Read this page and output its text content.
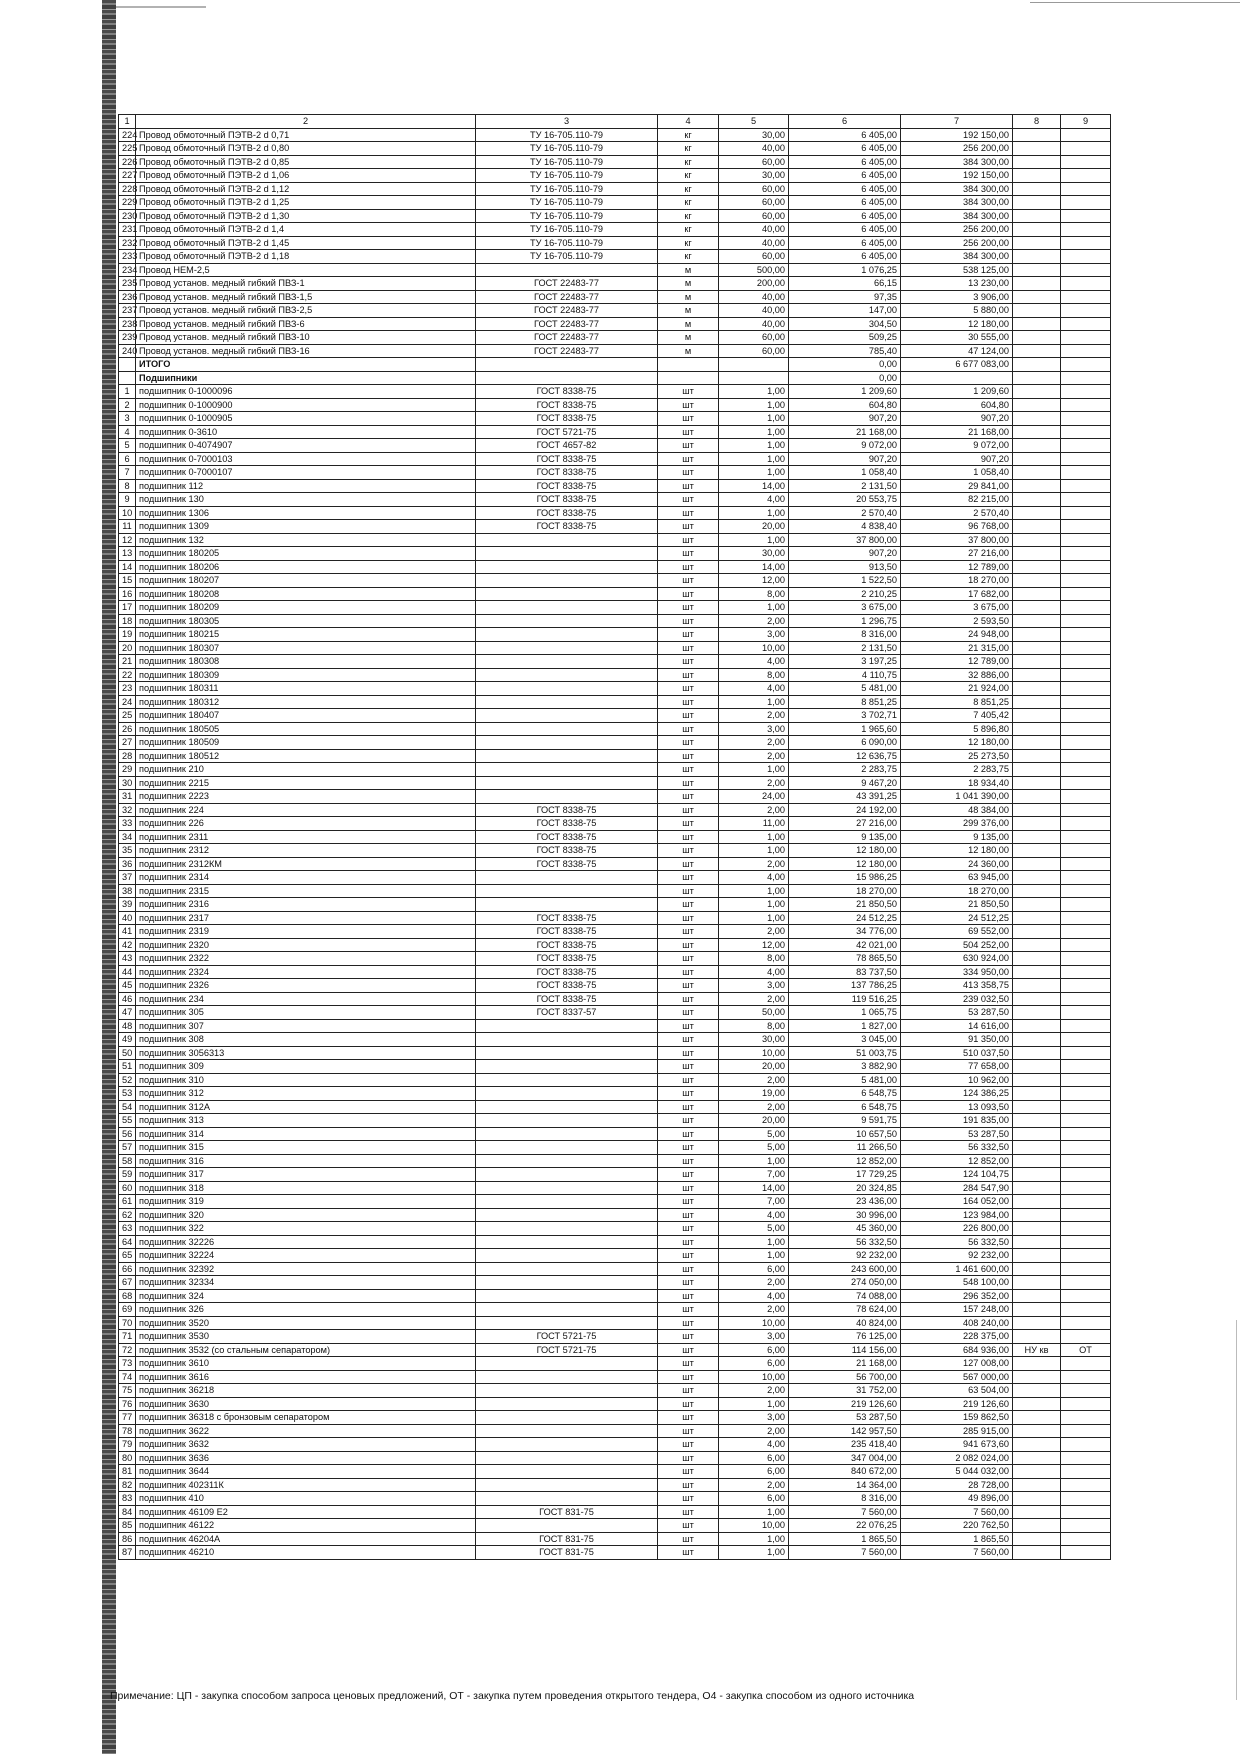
1	2	3	4	5	6	7	8	9
224	Провод обмоточный ПЭТВ-2 d 0,71	ТУ 16-705.110-79	кг	30,00	6 405,00	192 150,00		
225	Провод обмоточный ПЭТВ-2 d 0,80	ТУ 16-705.110-79	кг	40,00	6 405,00	256 200,00		
226	Провод обмоточный ПЭТВ-2 d 0,85	ТУ 16-705.110-79	кг	60,00	6 405,00	384 300,00		
227	Провод обмоточный ПЭТВ-2 d 1,06	ТУ 16-705.110-79	кг	30,00	6 405,00	192 150,00		
228	Провод обмоточный ПЭТВ-2 d 1,12	ТУ 16-705.110-79	кг	60,00	6 405,00	384 300,00		
229	Провод обмоточный ПЭТВ-2 d 1,25	ТУ 16-705.110-79	кг	60,00	6 405,00	384 300,00		
230	Провод обмоточный ПЭТВ-2 d 1,30	ТУ 16-705.110-79	кг	60,00	6 405,00	384 300,00		
231	Провод обмоточный ПЭТВ-2 d 1,4	ТУ 16-705.110-79	кг	40,00	6 405,00	256 200,00		
232	Провод обмоточный ПЭТВ-2 d 1,45	ТУ 16-705.110-79	кг	40,00	6 405,00	256 200,00		
233	Провод обмоточный ПЭТВ-2 d 1,18	ТУ 16-705.110-79	кг	60,00	6 405,00	384 300,00		
234	Провод НЕМ-2,5		м	500,00	1 076,25	538 125,00		
235	Провод установ. медный гибкий ПВЗ-1	ГОСТ 22483-77	м	200,00	66,15	13 230,00		
236	Провод установ. медный гибкий ПВЗ-1,5	ГОСТ 22483-77	м	40,00	97,35	3 906,00		
237	Провод установ. медный гибкий ПВЗ-2,5	ГОСТ 22483-77	м	40,00	147,00	5 880,00		
238	Провод установ. медный гибкий ПВЗ-6	ГОСТ 22483-77	м	40,00	304,50	12 180,00		
239	Провод установ. медный гибкий ПВЗ-10	ГОСТ 22483-77	м	60,00	509,25	30 555,00		
240	Провод установ. медный гибкий ПВЗ-16	ГОСТ 22483-77	м	60,00	785,40	47 124,00		
	ИТОГО				0,00	6 677 083,00		
	Подшипники				0,00			
1	подшипник 0-1000096	ГОСТ 8338-75	шт	1,00	1 209,60	1 209,60		
2	подшипник 0-1000900	ГОСТ 8338-75	шт	1,00	604,80	604,80		
3	подшипник 0-1000905	ГОСТ 8338-75	шт	1,00	907,20	907,20		
4	подшипник 0-3610	ГОСТ 5721-75	шт	1,00	21 168,00	21 168,00		
5	подшипник 0-4074907	ГОСТ 4657-82	шт	1,00	9 072,00	9 072,00		
6	подшипник 0-7000103	ГОСТ 8338-75	шт	1,00	907,20	907,20		
7	подшипник 0-7000107	ГОСТ 8338-75	шт	1,00	1 058,40	1 058,40		
8	подшипник 112	ГОСТ 8338-75	шт	14,00	2 131,50	29 841,00		
9	подшипник 130	ГОСТ 8338-75	шт	4,00	20 553,75	82 215,00		
10	подшипник 1306	ГОСТ 8338-75	шт	1,00	2 570,40	2 570,40		
11	подшипник 1309	ГОСТ 8338-75	шт	20,00	4 838,40	96 768,00		
12	подшипник 132		шт	1,00	37 800,00	37 800,00		
13	подшипник 180205		шт	30,00	907,20	27 216,00		
14	подшипник 180206		шт	14,00	913,50	12 789,00		
15	подшипник 180207		шт	12,00	1 522,50	18 270,00		
16	подшипник 180208		шт	8,00	2 210,25	17 682,00		
17	подшипник 180209		шт	1,00	3 675,00	3 675,00		
18	подшипник 180305		шт	2,00	1 296,75	2 593,50		
19	подшипник 180215		шт	3,00	8 316,00	24 948,00		
20	подшипник 180307		шт	10,00	2 131,50	21 315,00		
21	подшипник 180308		шт	4,00	3 197,25	12 789,00		
22	подшипник 180309		шт	8,00	4 110,75	32 886,00		
23	подшипник 180311		шт	4,00	5 481,00	21 924,00		
24	подшипник 180312		шт	1,00	8 851,25	8 851,25		
25	подшипник 180407		шт	2,00	3 702,71	7 405,42		
26	подшипник 180505		шт	3,00	1 965,60	5 896,80		
27	подшипник 180509		шт	2,00	6 090,00	12 180,00		
28	подшипник 180512		шт	2,00	12 636,75	25 273,50		
29	подшипник 210		шт	1,00	2 283,75	2 283,75		
30	подшипник 2215		шт	2,00	9 467,20	18 934,40		
31	подшипник 2223		шт	24,00	43 391,25	1 041 390,00		
32	подшипник 224	ГОСТ 8338-75	шт	2,00	24 192,00	48 384,00		
33	подшипник 226	ГОСТ 8338-75	шт	11,00	27 216,00	299 376,00		
34	подшипник 2311	ГОСТ 8338-75	шт	1,00	9 135,00	9 135,00		
35	подшипник 2312	ГОСТ 8338-75	шт	1,00	12 180,00	12 180,00		
36	подшипник 2312КМ	ГОСТ 8338-75	шт	2,00	12 180,00	24 360,00		
37	подшипник 2314		шт	4,00	15 986,25	63 945,00		
38	подшипник 2315		шт	1,00	18 270,00	18 270,00		
39	подшипник 2316		шт	1,00	21 850,50	21 850,50		
40	подшипник 2317	ГОСТ 8338-75	шт	1,00	24 512,25	24 512,25		
41	подшипник 2319	ГОСТ 8338-75	шт	2,00	34 776,00	69 552,00		
42	подшипник 2320	ГОСТ 8338-75	шт	12,00	42 021,00	504 252,00		
43	подшипник 2322	ГОСТ 8338-75	шт	8,00	78 865,50	630 924,00		
44	подшипник 2324	ГОСТ 8338-75	шт	4,00	83 737,50	334 950,00		
45	подшипник 2326	ГОСТ 8338-75	шт	3,00	137 786,25	413 358,75		
46	подшипник 234	ГОСТ 8338-75	шт	2,00	119 516,25	239 032,50		
47	подшипник 305	ГОСТ 8337-57	шт	50,00	1 065,75	53 287,50		
48	подшипник 307		шт	8,00	1 827,00	14 616,00		
49	подшипник 308		шт	30,00	3 045,00	91 350,00		
50	подшипник 3056313		шт	10,00	51 003,75	510 037,50		
51	подшипник 309		шт	20,00	3 882,90	77 658,00		
52	подшипник 310		шт	2,00	5 481,00	10 962,00		
53	подшипник 312		шт	19,00	6 548,75	124 386,25		
54	подшипник 312А		шт	2,00	6 548,75	13 093,50		
55	подшипник 313		шт	20,00	9 591,75	191 835,00		
56	подшипник 314		шт	5,00	10 657,50	53 287,50		
57	подшипник 315		шт	5,00	11 266,50	56 332,50		
58	подшипник 316		шт	1,00	12 852,00	12 852,00		
59	подшипник 317		шт	7,00	17 729,25	124 104,75		
60	подшипник 318		шт	14,00	20 324,85	284 547,90		
61	подшипник 319		шт	7,00	23 436,00	164 052,00		
62	подшипник 320		шт	4,00	30 996,00	123 984,00		
63	подшипник 322		шт	5,00	45 360,00	226 800,00		
64	подшипник 32226		шт	1,00	56 332,50	56 332,50		
65	подшипник 32224		шт	1,00	92 232,00	92 232,00		
66	подшипник 32392		шт	6,00	243 600,00	1 461 600,00		
67	подшипник 32334		шт	2,00	274 050,00	548 100,00		
68	подшипник 324		шт	4,00	74 088,00	296 352,00		
69	подшипник 326		шт	2,00	78 624,00	157 248,00		
70	подшипник 3520		шт	10,00	40 824,00	408 240,00		
71	подшипник 3530	ГОСТ 5721-75	шт	3,00	76 125,00	228 375,00		
72	подшипник 3532 (со стальным сепаратором)	ГОСТ 5721-75	шт	6,00	114 156,00	684 936,00	НУ кв	ОТ
73	подшипник 3610		шт	6,00	21 168,00	127 008,00		
74	подшипник 3616		шт	10,00	56 700,00	567 000,00		
75	подшипник 36218		шт	2,00	31 752,00	63 504,00		
76	подшипник 3630		шт	1,00	219 126,60	219 126,60		
77	подшипник 36318 с бронзовым сепаратором		шт	3,00	53 287,50	159 862,50		
78	подшипник 3622		шт	2,00	142 957,50	285 915,00		
79	подшипник 3632		шт	4,00	235 418,40	941 673,60		
80	подшипник 3636		шт	6,00	347 004,00	2 082 024,00		
81	подшипник 3644		шт	6,00	840 672,00	5 044 032,00		
82	подшипник 402311К		шт	2,00	14 364,00	28 728,00		
83	подшипник 410		шт	6,00	8 316,00	49 896,00		
84	подшипник 46109 Е2	ГОСТ 831-75	шт	1,00	7 560,00	7 560,00		
85	подшипник 46122		шт	10,00	22 076,25	220 762,50		
86	подшипник 46204А	ГОСТ 831-75	шт	1,00	1 865,50	1 865,50		
87	подшипник 46210	ГОСТ 831-75	шт	1,00	7 560,00	7 560,00		
Примечание: ЦП - закупка способом запроса ценовых предложений, ОТ - закупка путем проведения открытого тендера, О4 - закупка способом из одного источника
